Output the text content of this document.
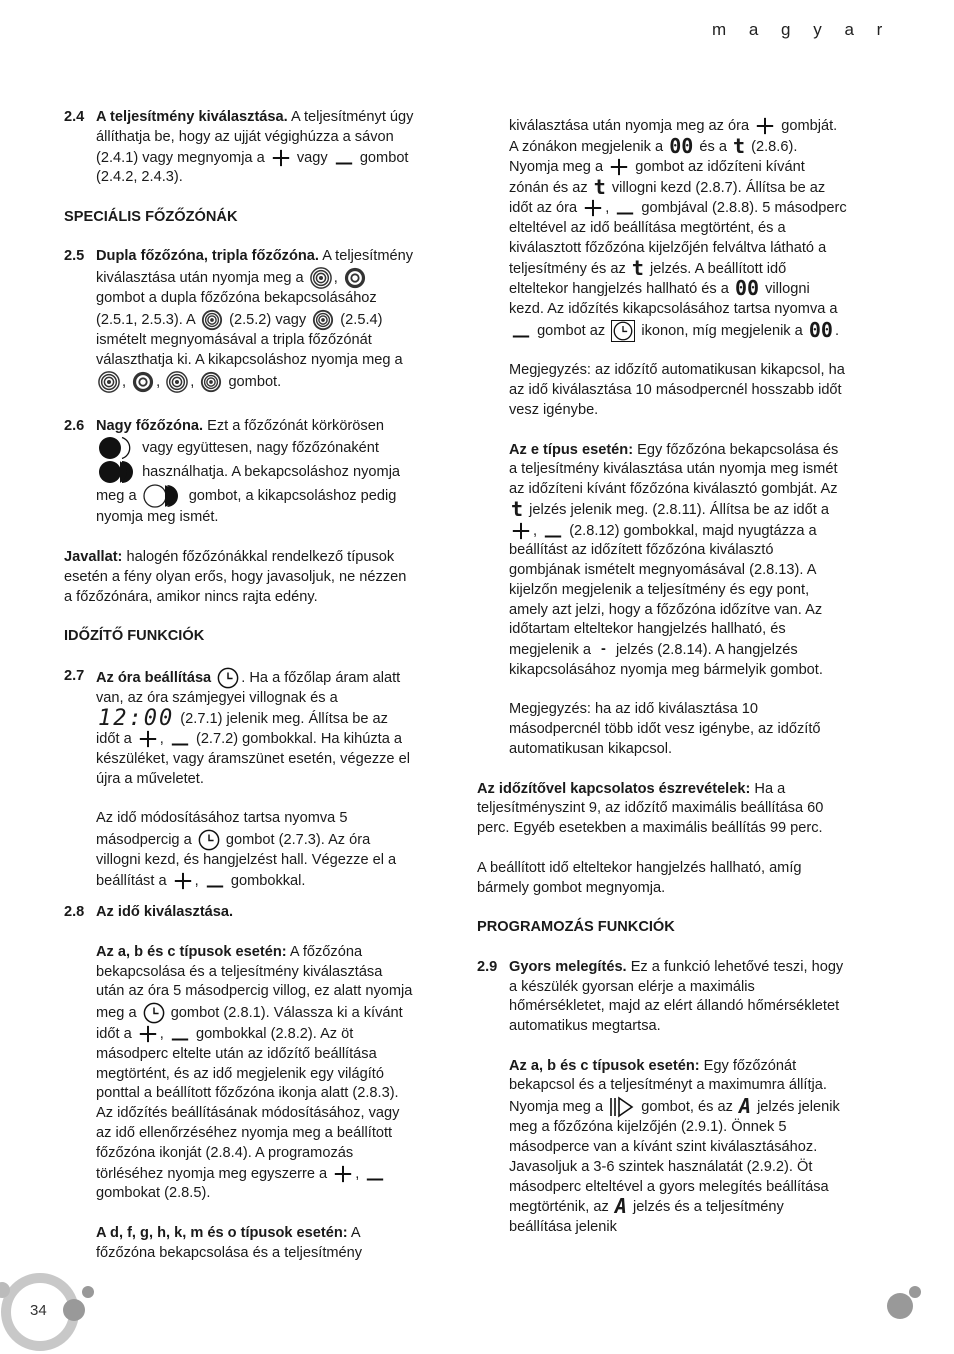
m a g y a r
2.4 A teljesítmény kiválasztása. A teljesítményt úgy állíthatja be, hogy az ujját végighúzza a sávon (2.4.1) vagy megnyomja a vagy gombot (2.4.2, 2.4.3).

SPECIÁLIS FŐZŐZÓNÁK

2.5 Dupla főzőzóna, tripla főzőzóna. A teljesítmény kiválasztása után nyomja meg a ,
gombot a dupla főzőzóna bekapcsolásához (2.5.1, 2.5.3). A (2.5.2) vagy (2.5.4) ismételt megnyomásával a tripla főzőzónát választhatja ki. A kikapcsoláshoz nyomja meg a
, , , gombot.
2.6 Nagy főzőzóna. Ezt a főzőzónát körkörösen

vagy együttesen, nagy főzőzónaként

használhatja. A bekapcsoláshoz nyomja meg a	gombot, a kikapcsoláshoz pedig nyomja meg ismét.

Javallat: halogén főzőzónákkal rendelkező típusok esetén a fény olyan erős, hogy javasoljuk, ne nézzen a főzőzónára, amikor nincs rajta edény.

IDŐZÍTŐ FUNKCIÓK

2.7 Az óra beállítása . Ha a főzőlap áram alatt van, az óra számjegyei villognak és a 12:00 (2.7.1) jelenik meg. Állítsa be az időt a , (2.7.2) gombokkal. Ha kihúzta a készüléket, vagy áramszünet esetén, végezze el újra a műveletet.

Az idő módosításához tartsa nyomva 5 másodpercig a gombot (2.7.3). Az óra villogni kezd, és hangjelzést hall. Végezze el a beállítást a , gombokkal.

2.8 Az idő kiválasztása.

Az a, b és c típusok esetén: A főzőzóna bekapcsolása és a teljesítmény kiválasztása után az óra 5 másodpercig villog, ez alatt nyomja meg a gombot (2.8.1). Válassza ki a kívánt időt a , gombokkal (2.8.2). Az öt másodperc eltelte után az időzítő beállítása megtörtént, és az idő megjelenik egy világító ponttal a beállított főzőzóna ikonja alatt (2.8.3). Az időzítés beállításának módosításához, vagy az idő ellenőrzéséhez nyomja meg a beállított főzőzóna ikonját (2.8.4). A programozás törléséhez nyomja meg egyszerre a ,
gombokat (2.8.5).

A d, f, g, h, k, m és o típusok esetén: A főzőzóna bekapcsolása és a teljesítmény

kiválasztása után nyomja meg az óra gombját. A zónákon megjelenik a 00 és a t (2.8.6). Nyomja meg a gombot az időzíteni kívánt zónán és az t villogni kezd (2.8.7). Állítsa be az időt az óra , gombjával (2.8.8). 5 másodperc elteltével az idő beállítása megtörtént, és a kiválasztott főzőzóna kijelzőjén felváltva látható a teljesítmény és az t jelzés. A beállított idő elteltekor hangjelzés hallható és a 00 villogni kezd. Az időzítés kikapcsolásához tartsa nyomva a
gombot az ikonon, míg megjelenik a 00 .

Megjegyzés: az időzítő automatikusan kikapcsol, ha az idő kiválasztása 10 másodpercnél hosszabb időt vesz igénybe.

Az e típus esetén: Egy főzőzóna bekapcsolása és a teljesítmény kiválasztása után nyomja meg ismét az időzíteni kívánt főzőzóna kiválasztó gombját. Az t jelzés jelenik meg. (2.8.11). Állítsa be az időt a
, (2.8.12) gombokkal, majd nyugtázza a beállítást az időzített főzőzóna kiválasztó gombjának ismételt megnyomásával (2.8.13). A kijelzőn megjelenik a teljesítmény és egy pont, amely azt jelzi, hogy a főzőzóna időzítve van. Az időtartam elteltekor hangjelzés hallható, és megjelenik a - jelzés (2.8.14). A hangjelzés kikapcsolásához nyomja meg bármelyik gombot.

Megjegyzés: ha az idő kiválasztása 10 másodpercnél több időt vesz igénybe, az időzítő automatikusan kikapcsol.

Az időzítővel kapcsolatos észrevételek: Ha a teljesítményszint 9, az időzítő maximális beállítása 60 perc. Egyéb esetekben a maximális beállítás 99 perc.

A beállított idő elteltekor hangjelzés hallható, amíg bármely gombot megnyomja.

PROGRAMOZÁS FUNKCIÓK

2.9 Gyors melegítés. Ez a funkció lehetővé teszi, hogy a készülék gyorsan elérje a maximális hőmérsékletet, majd az elért állandó hőmérsékletet automatikus megtartsa.

Az a, b és c típusok esetén: Egy főzőzónát bekapcsol és a teljesítményt a maximumra állítja. Nyomja meg a	gombot, és az A jelzés jelenik meg a főzőzóna kijelzőjén (2.9.1). Önnek 5 másodperce van a kívánt szint kiválasztásához. Javasoljuk a 3-6 szintek használatát (2.9.2). Öt másodperc elteltével a gyors melegítés beállítása megtörténik, az A jelzés és a teljesítmény beállítása jelenik

34
